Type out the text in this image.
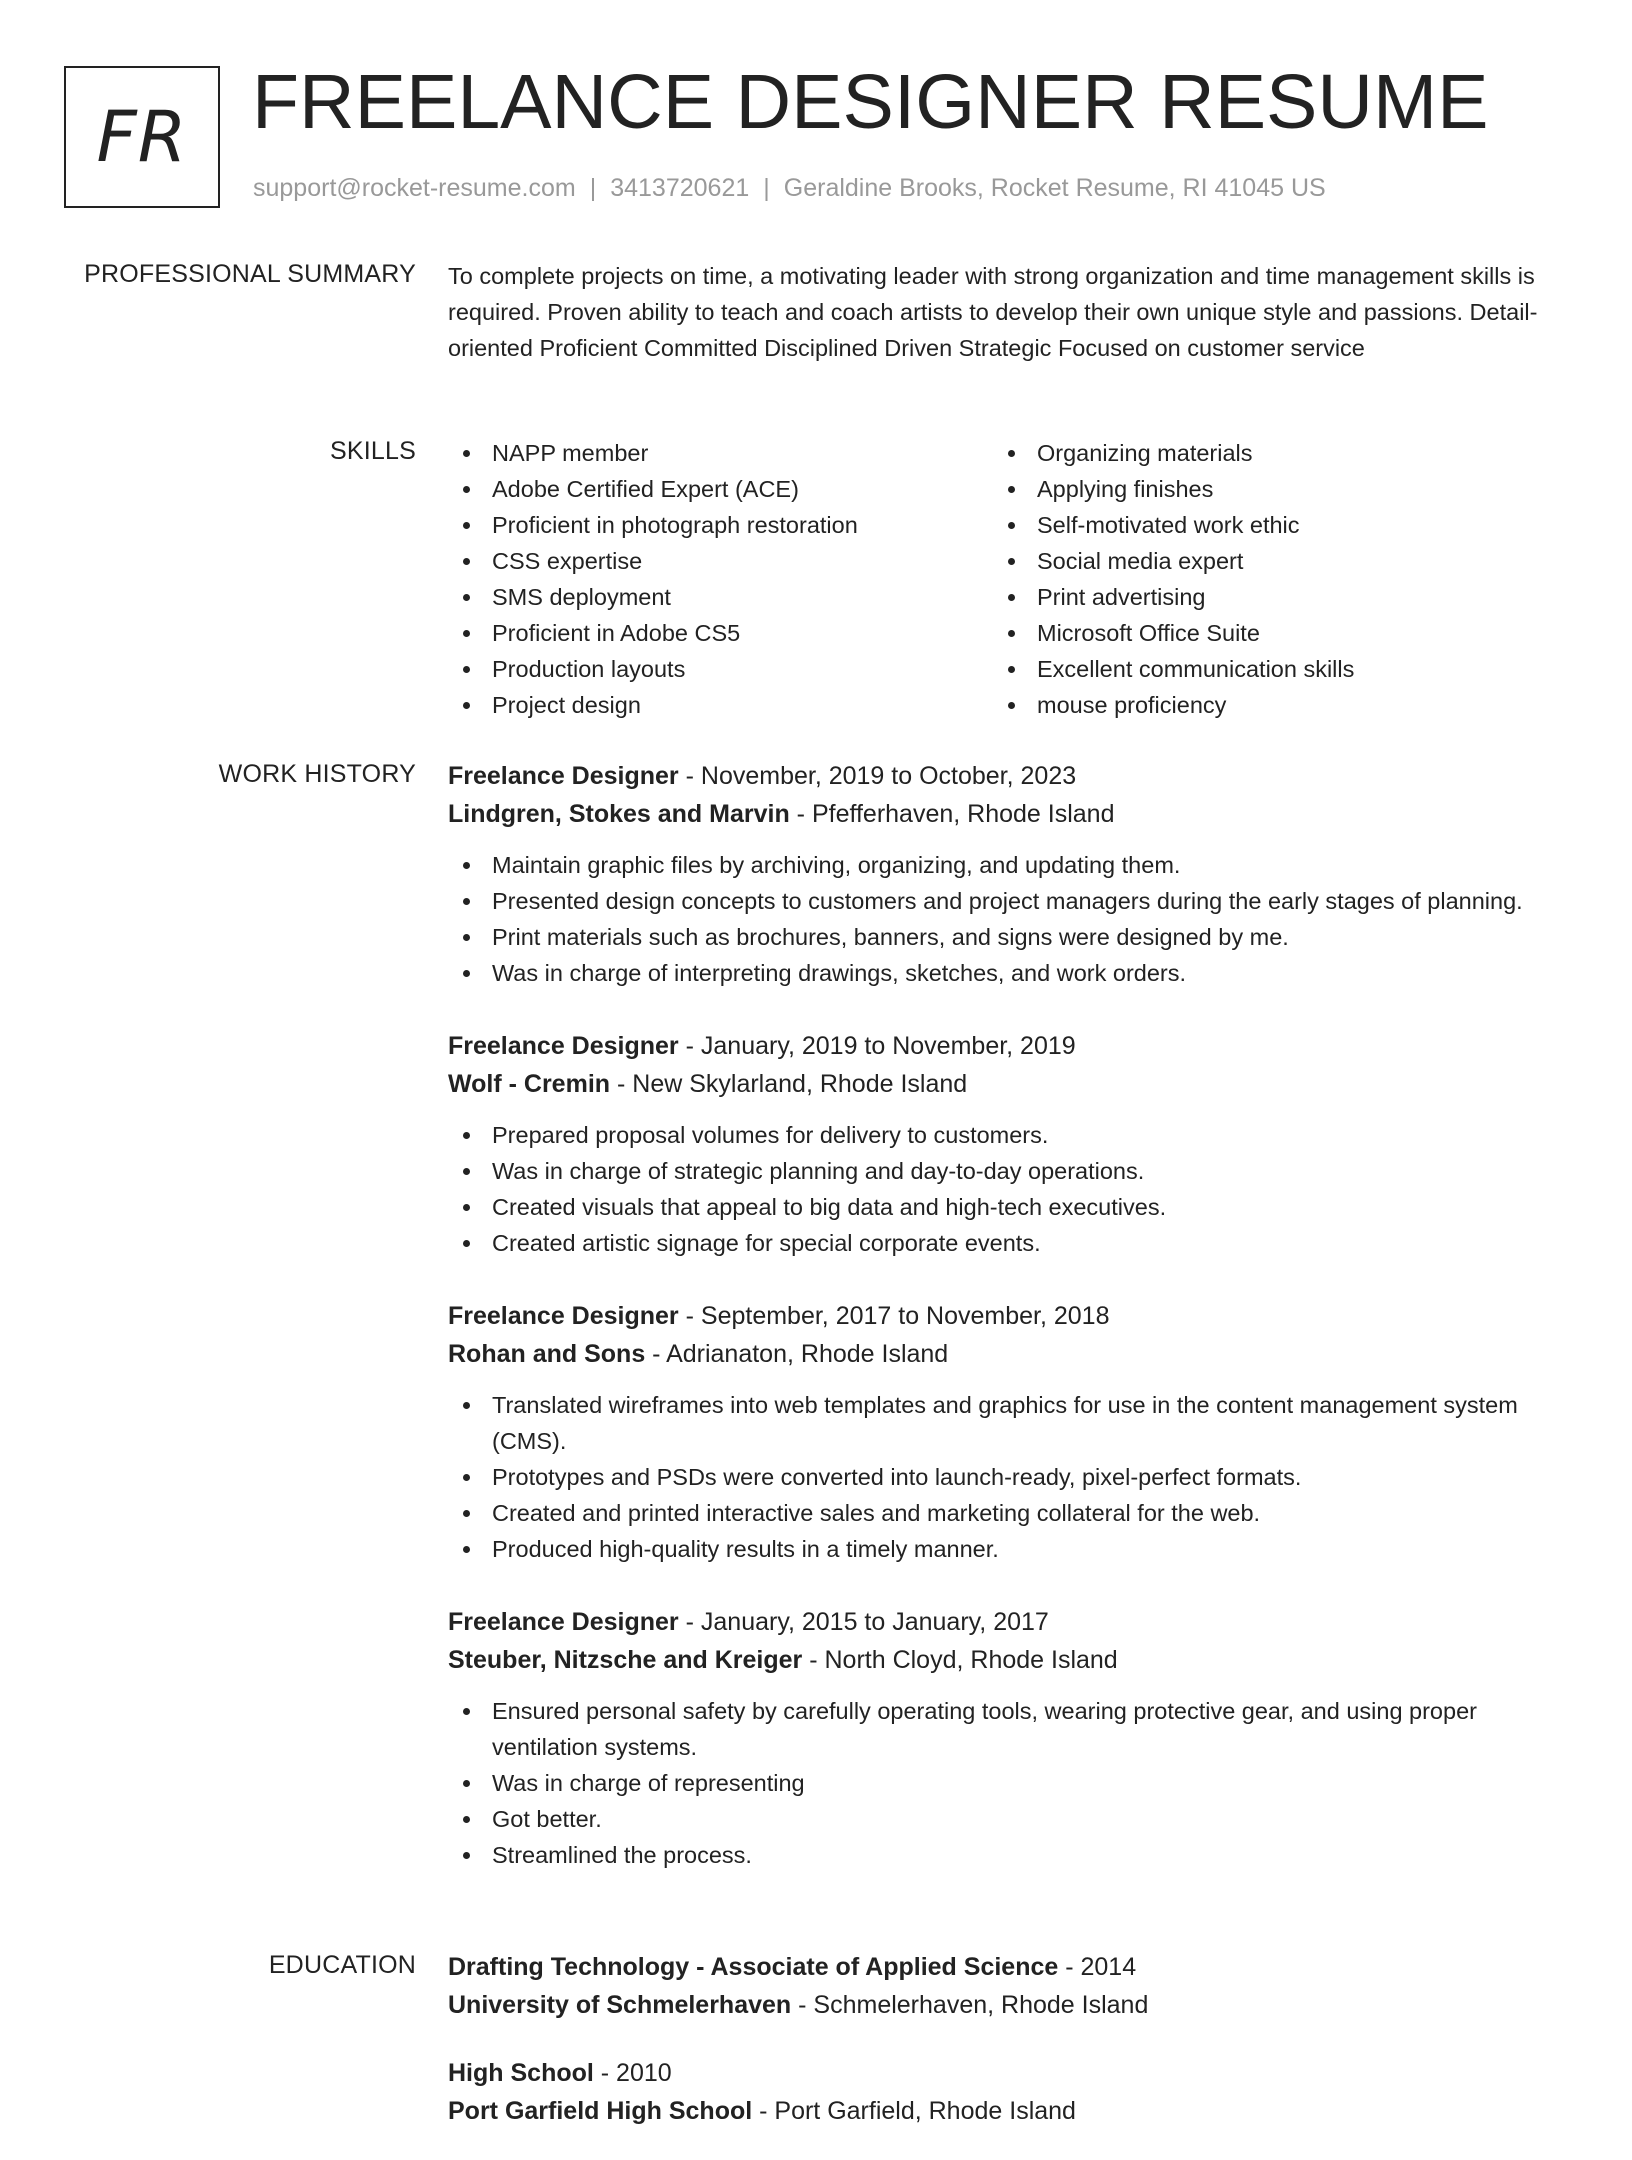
FR FREELANCE DESIGNER RESUME
support@rocket-resume.com | 3413720621 | Geraldine Brooks, Rocket Resume, RI 41045 US
PROFESSIONAL SUMMARY To complete projects on time, a motivating leader with strong organization and time management skills is required. Proven ability to teach and coach artists to develop their own unique style and passions. Detail-oriented Proficient Committed Disciplined Driven Strategic Focused on customer service
SKILLS	NAPP member
Adobe Certified Expert (ACE)
Proficient in photograph restoration
CSS expertise
SMS deployment
Proficient in Adobe CS5
Production layouts
Project design
Organizing materials
Applying finishes
Self-motivated work ethic
Social media expert
Print advertising
Microsoft Office Suite
Excellent communication skills
mouse proficiency
WORK HISTORY Freelance Designer - November, 2019 to October, 2023
Lindgren, Stokes and Marvin - Pfefferhaven, Rhode Island
Maintain graphic files by archiving, organizing, and updating them.
Presented design concepts to customers and project managers during the early stages of planning.
Print materials such as brochures, banners, and signs were designed by me.
Was in charge of interpreting drawings, sketches, and work orders.
Freelance Designer - January, 2019 to November, 2019
Wolf - Cremin - New Skylarland, Rhode Island
Prepared proposal volumes for delivery to customers.
Was in charge of strategic planning and day-to-day operations.
Created visuals that appeal to big data and high-tech executives.
Created artistic signage for special corporate events.
Freelance Designer - September, 2017 to November, 2018
Rohan and Sons - Adrianaton, Rhode Island
Translated wireframes into web templates and graphics for use in the content management system (CMS).
Prototypes and PSDs were converted into launch-ready, pixel-perfect formats.
Created and printed interactive sales and marketing collateral for the web.
Produced high-quality results in a timely manner.
Freelance Designer - January, 2015 to January, 2017
Steuber, Nitzsche and Kreiger - North Cloyd, Rhode Island
Ensured personal safety by carefully operating tools, wearing protective gear, and using proper ventilation systems.
Was in charge of representing
Got better.
Streamlined the process.
EDUCATION Drafting Technology - Associate of Applied Science - 2014
University of Schmelerhaven - Schmelerhaven, Rhode Island
High School - 2010
Port Garfield High School - Port Garfield, Rhode Island
